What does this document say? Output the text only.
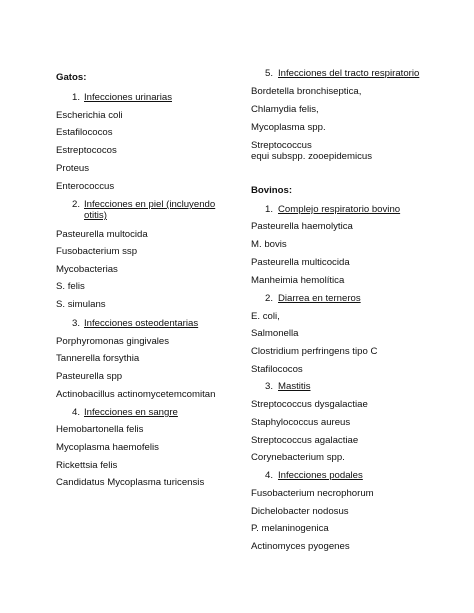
Gatos:
1. Infecciones urinarias
Escherichia coli
Estafilococos
Estreptococos
Proteus
Enterococcus
2. Infecciones en piel (incluyendo
otitis)
Pasteurella multocida
Fusobacterium ssp
Mycobacterias
S. felis
S. simulans
3. Infecciones osteodentarias
Porphyromonas gingivales
Tannerella forsythia
Pasteurella spp
Actinobacillus actinomycetemcomitan
4. Infecciones en sangre
Hemobartonella felis
Mycoplasma haemofelis
Rickettsia felis
Candidatus Mycoplasma turicensis
5. Infecciones del tracto respiratorio
Bordetella bronchiseptica,
Chlamydia felis,
Mycoplasma spp.
Streptococcus
equi subspp. zooepidemicus
Bovinos:
1. Complejo respiratorio bovino
Pasteurella haemolytica
M. bovis
Pasteurella multicocida
Manheimia hemolítica
2. Diarrea en terneros
E. coli,
Salmonella
Clostridium perfringens tipo C
Stafilococos
3. Mastitis
Streptococcus dysgalactiae
Staphylococcus aureus
Streptococcus agalactiae
Corynebacterium spp.
4. Infecciones podales
Fusobacterium necrophorum
Dichelobacter nodosus
P. melaninogenica
Actinomyces pyogenes
